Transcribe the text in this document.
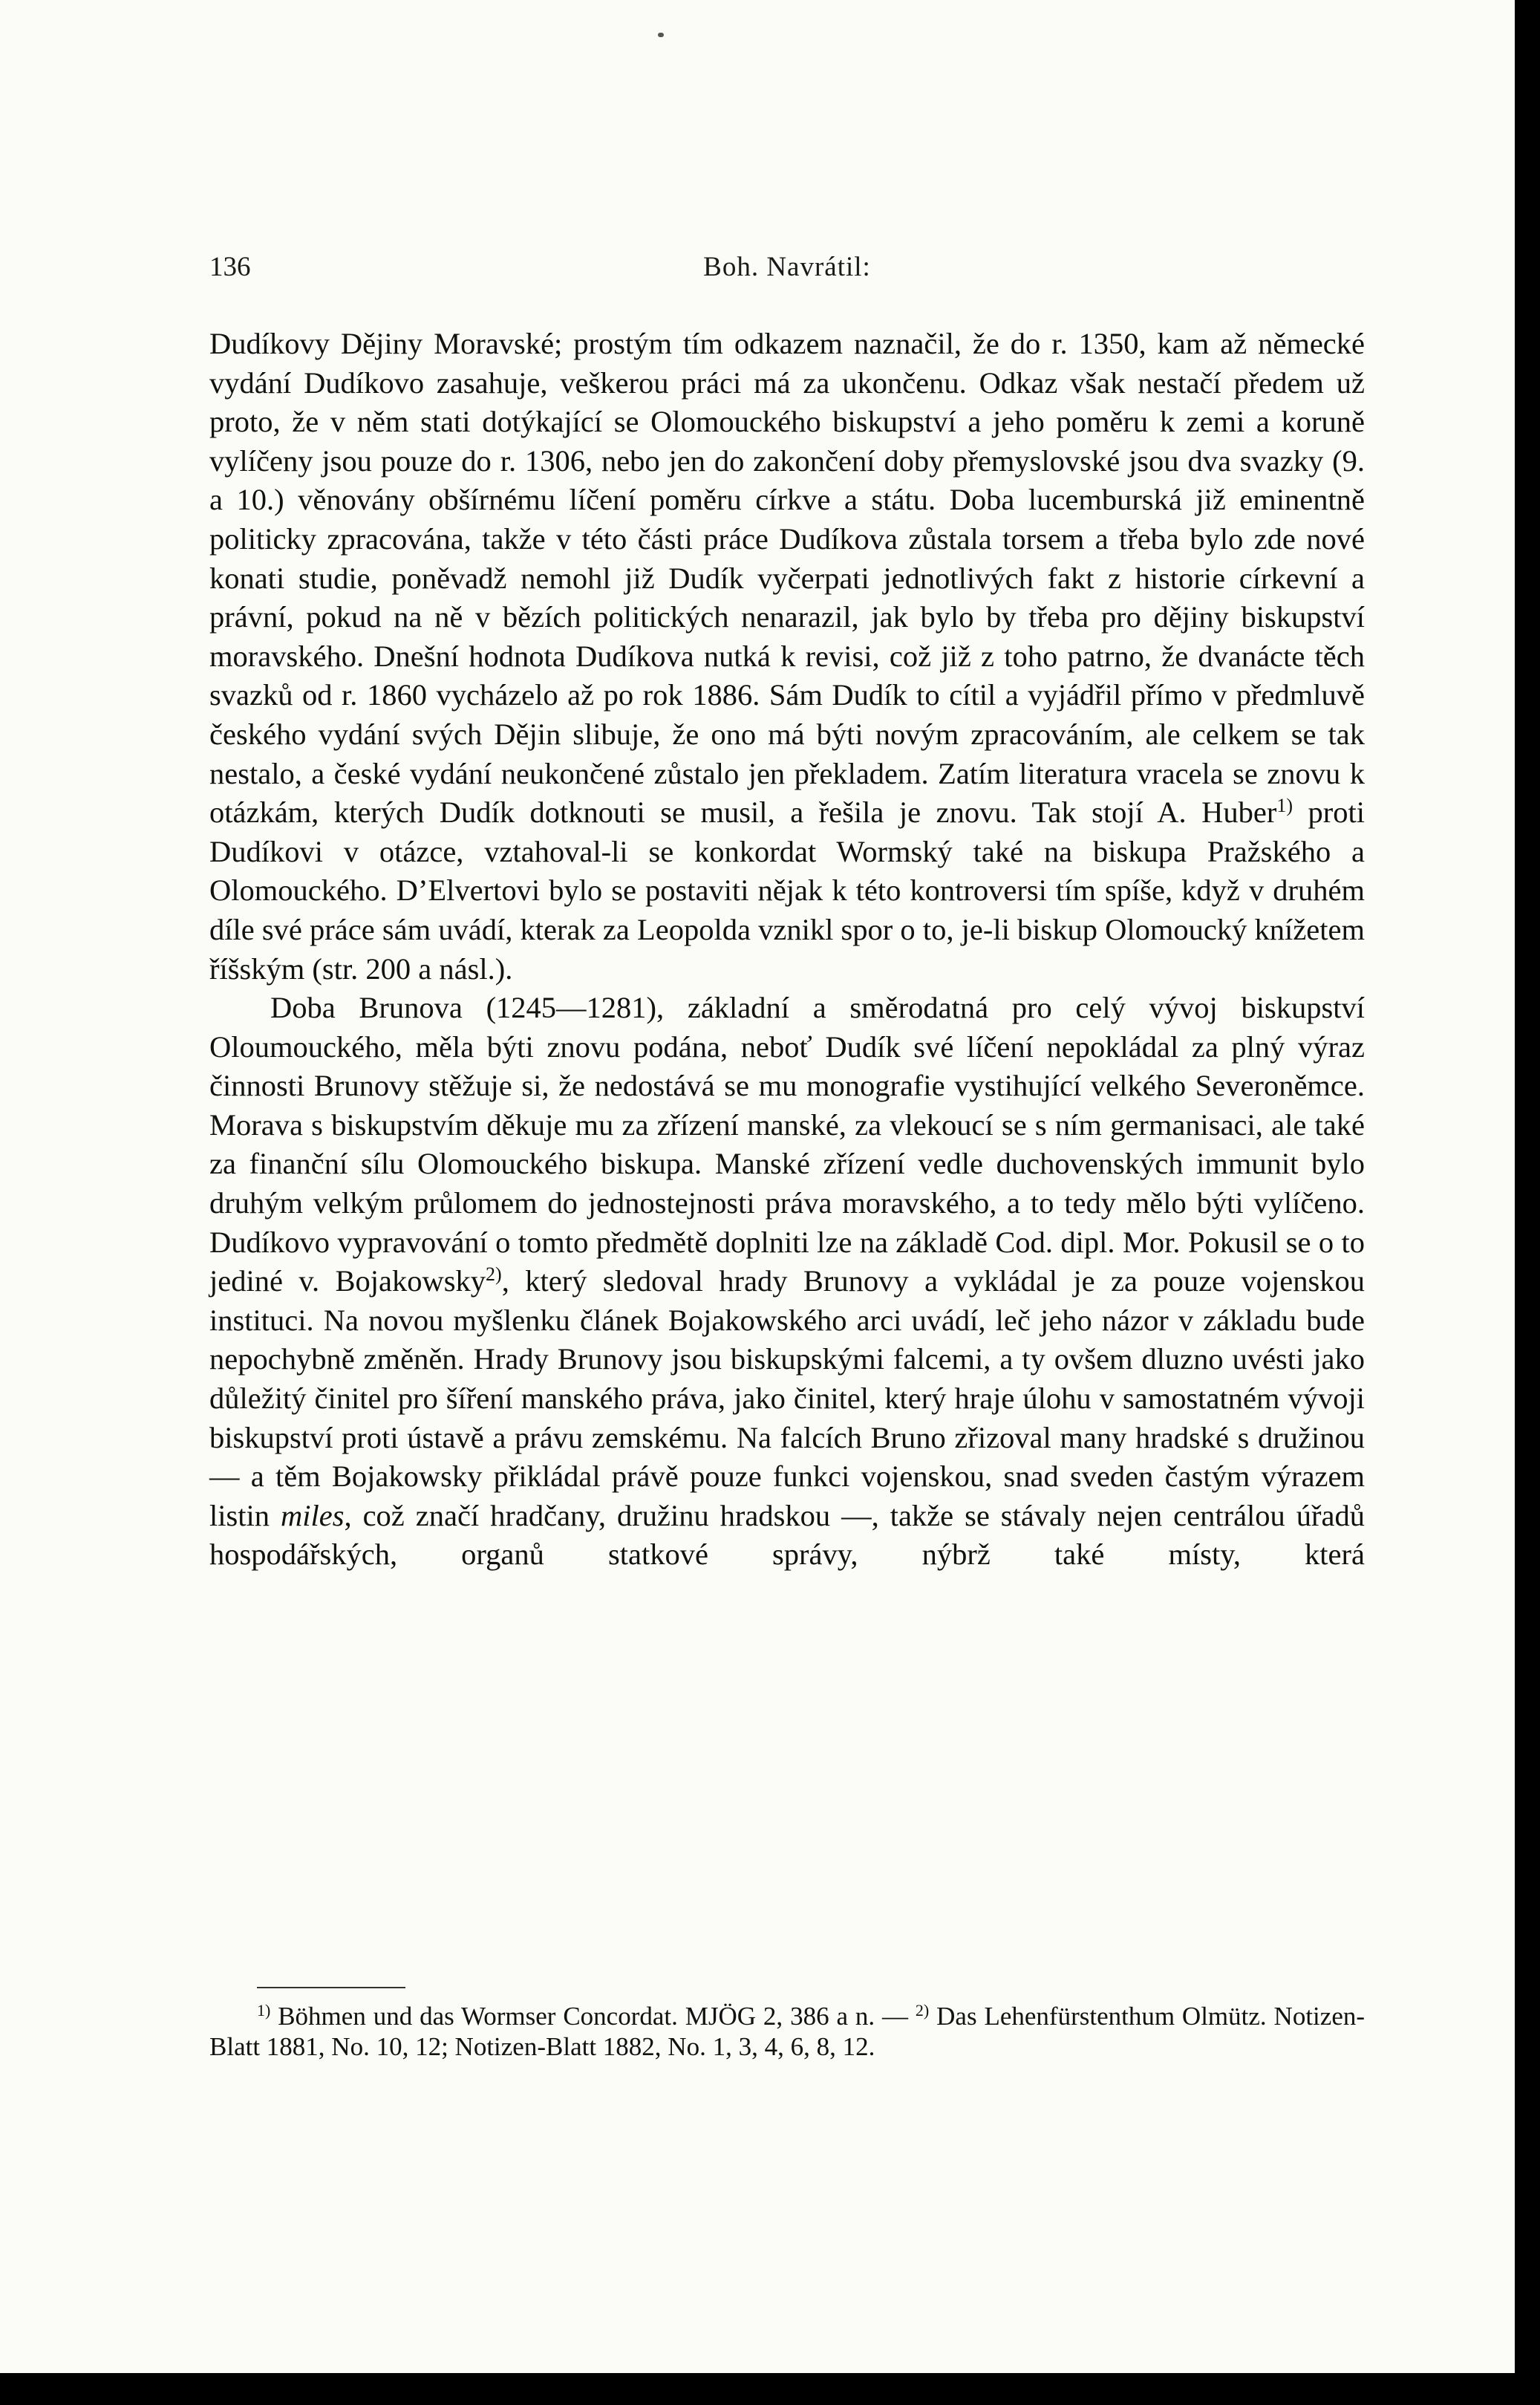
136	Boh. Navrátil:

Dudíkovy Dějiny Moravské; prostým tím odkazem naznačil, že do r. 1350, kam až německé vydání Dudíkovo zasahuje, veškerou práci má za ukončenu. Odkaz však nestačí předem už proto, že v něm stati dotýkající se Olomouckého biskupství a jeho poměru k zemi a koruně vylíčeny jsou pouze do r. 1306, nebo jen do zakončení doby přemyslovské jsou dva svazky (9. a 10.) věnovány obšírnému líčení poměru církve a státu. Doba lucemburská již eminentně politicky zpracována, takže v této části práce Dudíkova zůstala torsem a třeba bylo zde nové konati studie, poněvadž nemohl již Dudík vyčerpati jednotlivých fakt z historie církevní a právní, pokud na ně v bězích politických nenarazil, jak bylo by třeba pro dějiny biskupství moravského. Dnešní hodnota Dudíkova nutká k revisi, což již z toho patrno, že dvanácte těch svazků od r. 1860 vycházelo až po rok 1886. Sám Dudík to cítil a vyjádřil přímo v předmluvě českého vydání svých Dějin slibuje, že ono má býti novým zpracováním, ale celkem se tak nestalo, a české vydání neukončené zůstalo jen překladem. Zatím literatura vracela se znovu k otázkám, kterých Dudík dotknouti se musil, a řešila je znovu. Tak stojí A. Huber$^{1)}$ proti Dudíkovi v otázce, vztahoval-li se konkordat Wormský také na biskupa Pražského a Olomouckého. D’Elvertovi bylo se postaviti nějak k této kontroversi tím spíše, když v druhém díle své práce sám uvádí, kterak za Leopolda vznikl spor o to, je-li biskup Olomoucký knížetem říšským (str. 200 a násl.).

Doba Brunova (1245—1281), základní a směrodatná pro celý vývoj biskupství Oloumouckého, měla býti znovu podána, neboť Dudík své líčení nepokládal za plný výraz činnosti Brunovy stěžuje si, že nedostává se mu monografie vystihující velkého Severoněmce. Morava s biskupstvím děkuje mu za zřízení manské, za vlekoucí se s ním germanisaci, ale také za finanční sílu Olomouckého biskupa. Manské zřízení vedle duchovenských immunit bylo druhým velkým průlomem do jednostejnosti práva moravského, a to tedy mělo býti vylíčeno. Dudíkovo vypravování o tomto předmětě doplniti lze na základě Cod. dipl. Mor. Pokusil se o to jediné v. Bojakowsky$^{2)}$, který sledoval hrady Brunovy a vykládal je za pouze vojenskou instituci. Na novou myšlenku článek Bojakowského arci uvádí, leč jeho názor v základu bude nepochybně změněn. Hrady Brunovy jsou biskupskými falcemi, a ty ovšem dluzno uvésti jako důležitý činitel pro šíření manského práva, jako činitel, který hraje úlohu v samostatném vývoji biskupství proti ústavě a právu zemskému. Na falcích Bruno zřizoval many hradské s družinou — a těm Bojakowsky přikládal právě pouze funkci vojenskou, snad sveden častým výrazem listin miles, což značí hradčany, družinu hradskou —, takže se stávaly nejen centrálou úřadů hospodářských, organů statkové správy, nýbrž také místy, která

$^{1)}$ Böhmen und das Wormser Concordat. MJÖG 2, 386 a n. — $^{2)}$ Das Lehenfürstenthum Olmütz. Notizen-Blatt 1881, No. 10, 12; Notizen-Blatt 1882, No. 1, 3, 4, 6, 8, 12.
